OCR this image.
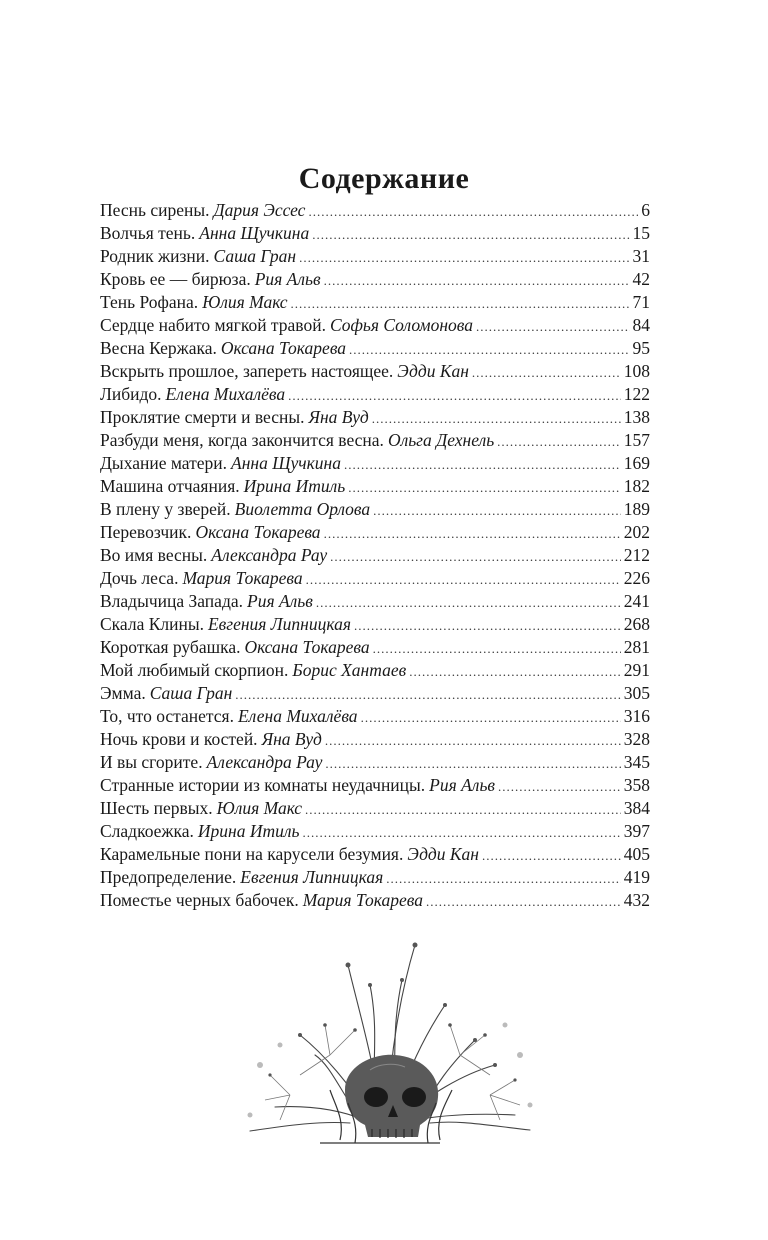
Содержание
Песнь сирены. Дария Эссес .....	6
Волчья тень. Анна Щучкина .....	15
Родник жизни. Саша Гран .....	31
Кровь ее — бирюза. Рия Альв .....	42
Тень Рофана. Юлия Макс .....	71
Сердце набито мягкой травой. Софья Соломонова .....	84
Весна Кержака. Оксана Токарева .....	95
Вскрыть прошлое, запереть настоящее. Эдди Кан .....	108
Либидо. Елена Михалёва .....	122
Проклятие смерти и весны. Яна Вуд .....	138
Разбуди меня, когда закончится весна. Ольга Дехнель .....	157
Дыхание матери. Анна Щучкина .....	169
Машина отчаяния. Ирина Итиль .....	182
В плену у зверей. Виолетта Орлова .....	189
Перевозчик. Оксана Токарева .....	202
Во имя весны. Александра Рау .....	212
Дочь леса. Мария Токарева .....	226
Владычица Запада. Рия Альв .....	241
Скала Клины. Евгения Липницкая .....	268
Короткая рубашка. Оксана Токарева .....	281
Мой любимый скорпион. Борис Хантаев .....	291
Эмма. Саша Гран .....	305
То, что останется. Елена Михалёва .....	316
Ночь крови и костей. Яна Вуд .....	328
И вы сгорите. Александра Рау .....	345
Странные истории из комнаты неудачницы. Рия Альв .....	358
Шесть первых. Юлия Макс .....	384
Сладкоежка. Ирина Итиль .....	397
Карамельные пони на карусели безумия. Эдди Кан .....	405
Предопределение. Евгения Липницкая .....	419
Поместье черных бабочек. Мария Токарева .....	432
